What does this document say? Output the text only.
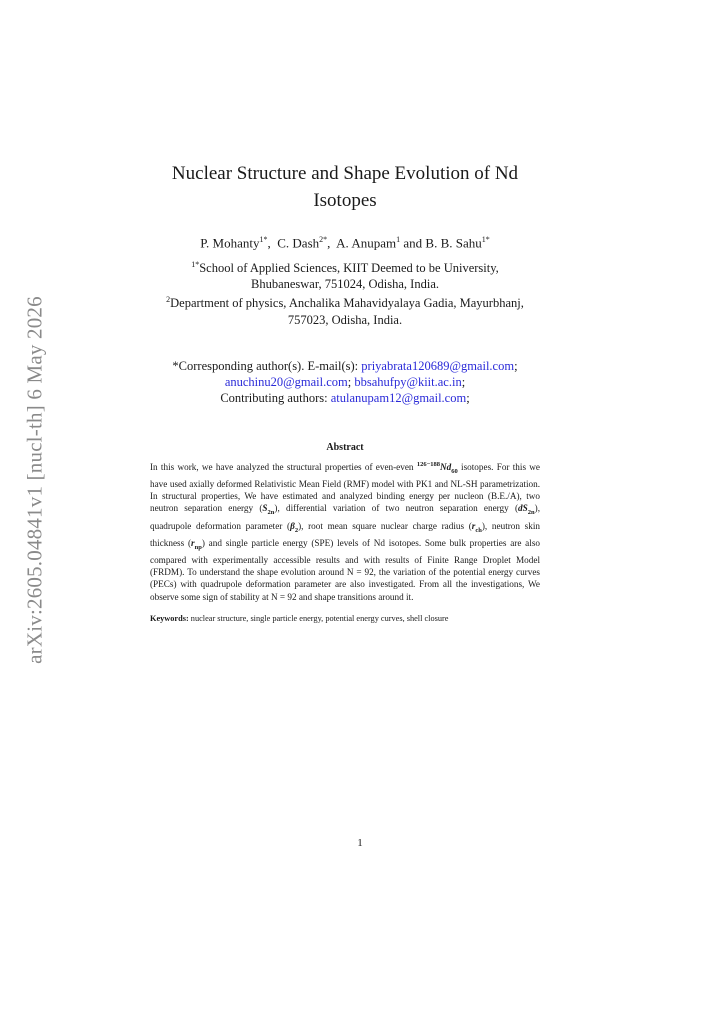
arXiv:2605.04841v1 [nucl-th] 6 May 2026
Nuclear Structure and Shape Evolution of Nd
Isotopes
P. Mohanty$^{1*}$,  C. Dash$^{2*}$,  A. Anupam$^1$ and B. B. Sahu$^{1*}$
$^{1*}$School of Applied Sciences, KIIT Deemed to be University,
Bhubaneswar, 751024, Odisha, India.
$^2$Department of physics, Anchalika Mahavidyalaya Gadia, Mayurbhanj,
757023, Odisha, India.
*Corresponding author(s). E-mail(s): priyabrata120689@gmail.com;
anuchinu20@gmail.com; bbsahufpy@kiit.ac.in;
Contributing authors: atulanupam12@gmail.com;
Abstract

In this work, we have analyzed the structural properties of even-even $^{126-188}Nd_{60}$ isotopes. For this we have used axially deformed Relativistic Mean Field (RMF) model with PK1 and NL-SH parametrization. In structural properties, We have estimated and analyzed binding energy per nucleon (B.E./A), two neutron separation energy $(S_{2n})$, differential variation of two neutron separation energy $(dS_{2n})$, quadrupole deformation parameter $(\beta_2)$, root mean square nuclear charge radius $(r_{ch})$, neutron skin thickness $(r_{np})$ and single particle energy (SPE) levels of Nd isotopes. Some bulk properties are also compared with experimentally accessible results and with results of Finite Range Droplet Model (FRDM). To understand the shape evolution around N = 92, the variation of the potential energy curves (PECs) with quadrupole deformation parameter are also investigated. From all the investigations, We observe some sign of stability at N = 92 and shape transitions around it.

Keywords: nuclear structure, single particle energy, potential energy curves, shell closure

1
